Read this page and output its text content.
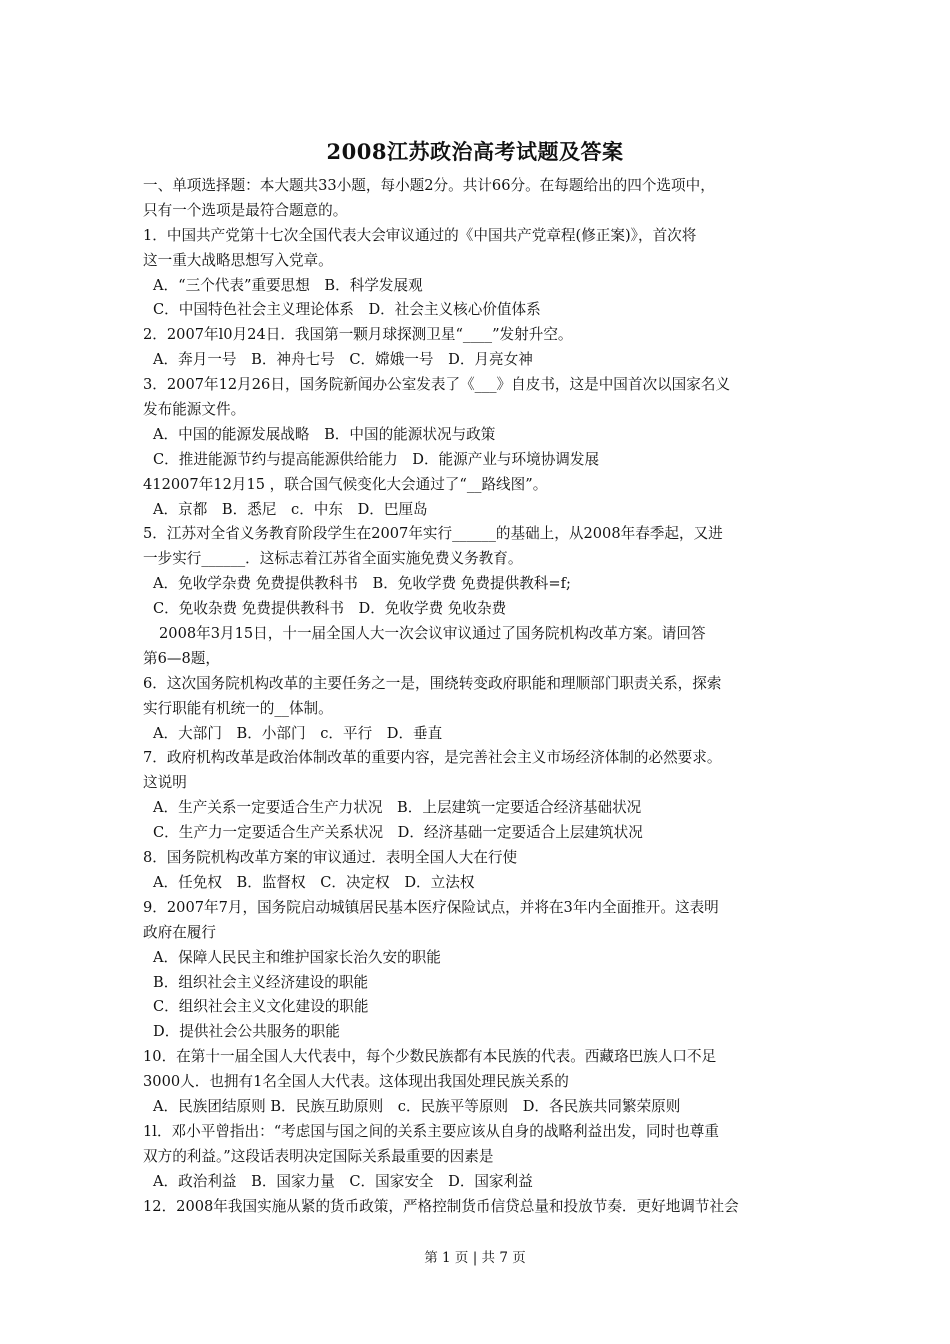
2008江苏政治高考试题及答案
一、单项选择题：本大题共33小题，每小题2分。共计66分。在每题给出的四个选项中，
只有一个选项是最符合题意的。
1．中国共产党第十七次全国代表大会审议通过的《中国共产党章程(修正案)》，首次将
这一重大战略思想写入党章。
A．“三个代表”重要思想　B．科学发展观
C．中国特色社会主义理论体系　D．社会主义核心价值体系
2．2007年l0月24日．我国第一颗月球探测卫星“____”发射升空。
A．奔月一号　B．神舟七号　C．嫦娥一号　D．月亮女神
3．2007年12月26日，国务院新闻办公室发表了《___》自皮书，这是中国首次以国家名义
发布能源文件。
A．中国的能源发展战略　B．中国的能源状况与政策
C．推进能源节约与提高能源供给能力　D．能源产业与环境协调发展
412007年12月15 ，联合国气候变化大会通过了“__路线图”。
A．京都　B．悉尼　c．中东　D．巴厘岛
5．江苏对全省义务教育阶段学生在2007年实行______的基础上，从2008年春季起，又进
一步实行______．这标志着江苏省全面实施免费义务教育。
A．免收学杂费 免费提供教科书　B．免收学费 免费提供教科=f;
C．免收杂费 免费提供教科书　D．免收学费 免收杂费
2008年3月15日，十一届全国人大一次会议审议通过了国务院机构改革方案。请回答
第6—8题，
6．这次国务院机构改革的主要任务之一是，围绕转变政府职能和理顺部门职责关系，探索
实行职能有机统一的__体制。
A．大部门　B．小部门　c．平行　D．垂直
7．政府机构改革是政治体制改革的重要内容，是完善社会主义市场经济体制的必然要求。
这说明
A．生产关系一定要适合生产力状况　B．上层建筑一定要适合经济基础状况
C．生产力一定要适合生产关系状况　D．经济基础一定要适合上层建筑状况
8．国务院机构改革方案的审议通过．表明全国人大在行使
A．任免权　B．监督权　C．决定权　D．立法权
9．2007年7月，国务院启动城镇居民基本医疗保险试点，并将在3年内全面推开。这表明
政府在履行
A．保障人民民主和维护国家长治久安的职能
B．组织社会主义经济建设的职能
C．组织社会主义文化建设的职能
D．提供社会公共服务的职能
10．在第十一届全国人大代表中，每个少数民族都有本民族的代表。西藏珞巴族人口不足
3000人．也拥有1名全国人大代表。这体现出我国处理民族关系的
A．民族团结原则 B．民族互助原则　c．民族平等原则　D．各民族共同繁荣原则
1l．邓小平曾指出：“考虑国与国之间的关系主要应该从自身的战略利益出发，同时也尊重
双方的利益。”这段话表明决定国际关系最重要的因素是
A．政治利益　B．国家力量　C．国家安全　D．国家利益
12．2008年我国实施从紧的货币政策，严格控制货币信贷总量和投放节奏．更好地调节社会
第 1 页 | 共 7 页
